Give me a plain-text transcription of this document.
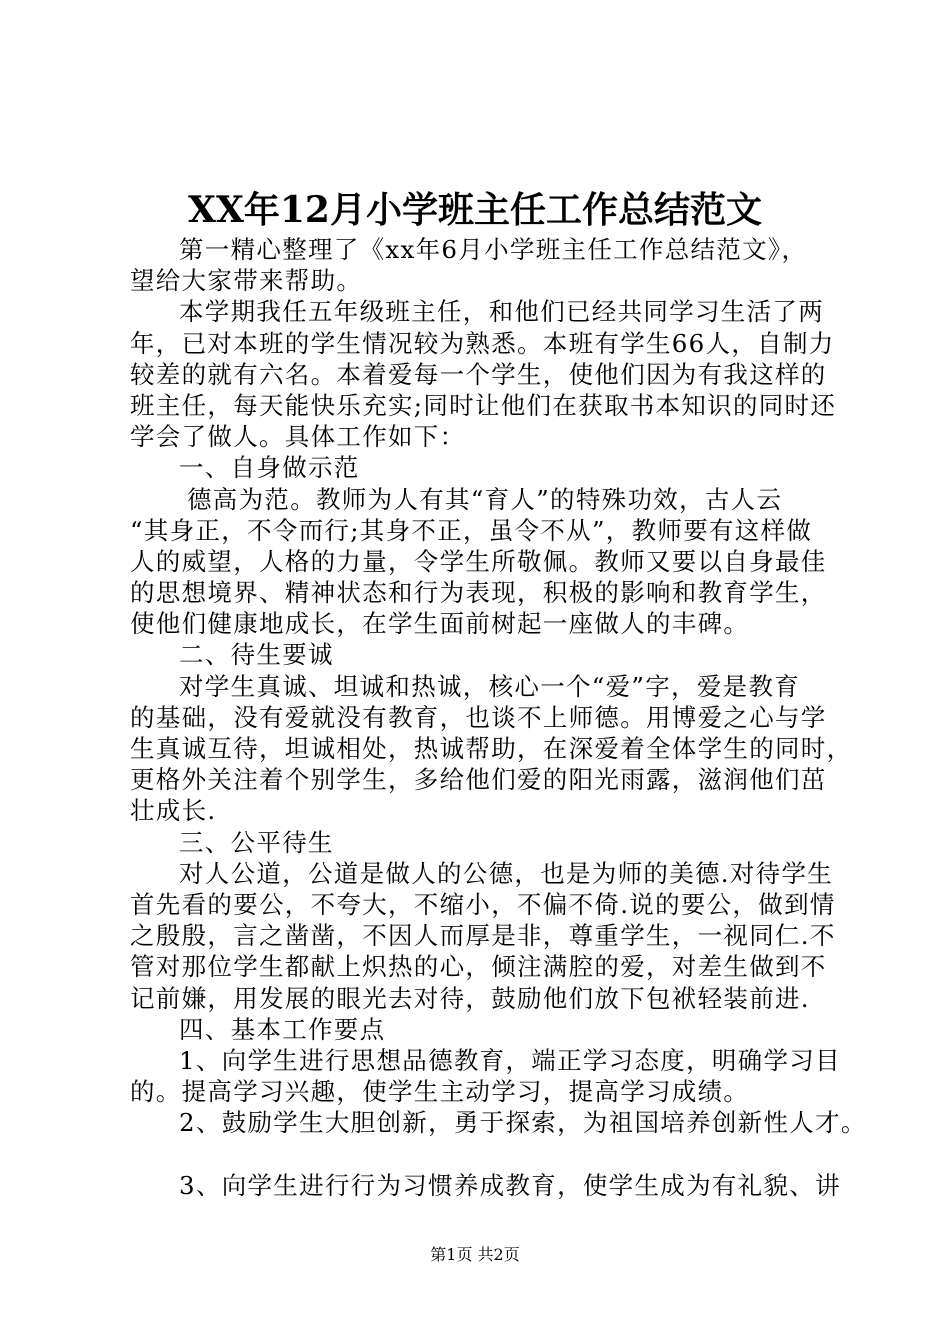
XX年12月小学班主任工作总结范文
第一精心整理了《xx年6月小学班主任工作总结范文》，
望给大家带来帮助。
本学期我任五年级班主任，和他们已经共同学习生活了两
年，已对本班的学生情况较为熟悉。本班有学生66人，自制力
较差的就有六名。本着爱每一个学生，使他们因为有我这样的
班主任，每天能快乐充实;同时让他们在获取书本知识的同时还
学会了做人。具体工作如下：
一、自身做示范
德高为范。教师为人有其“育人”的特殊功效，古人云
“其身正，不令而行;其身不正，虽令不从”，教师要有这样做
人的威望，人格的力量，令学生所敬佩。教师又要以自身最佳
的思想境界、精神状态和行为表现，积极的影响和教育学生，
使他们健康地成长，在学生面前树起一座做人的丰碑。
二、待生要诚
对学生真诚、坦诚和热诚，核心一个“爱”字，爱是教育
的基础，没有爱就没有教育，也谈不上师德。用博爱之心与学
生真诚互待，坦诚相处，热诚帮助，在深爱着全体学生的同时，
更格外关注着个别学生，多给他们爱的阳光雨露，滋润他们茁
壮成长.
三、公平待生
对人公道，公道是做人的公德，也是为师的美德.对待学生
首先看的要公，不夸大，不缩小，不偏不倚.说的要公，做到情
之殷殷，言之凿凿，不因人而厚是非，尊重学生，一视同仁.不
管对那位学生都献上炽热的心，倾注满腔的爱，对差生做到不
记前嫌，用发展的眼光去对待，鼓励他们放下包袱轻装前进.
四、基本工作要点
1、向学生进行思想品德教育，端正学习态度，明确学习目
的。提高学习兴趣，使学生主动学习，提高学习成绩。
2、鼓励学生大胆创新，勇于探索，为祖国培养创新性人才。
3、向学生进行行为习惯养成教育，使学生成为有礼貌、讲
第1页 共2页
